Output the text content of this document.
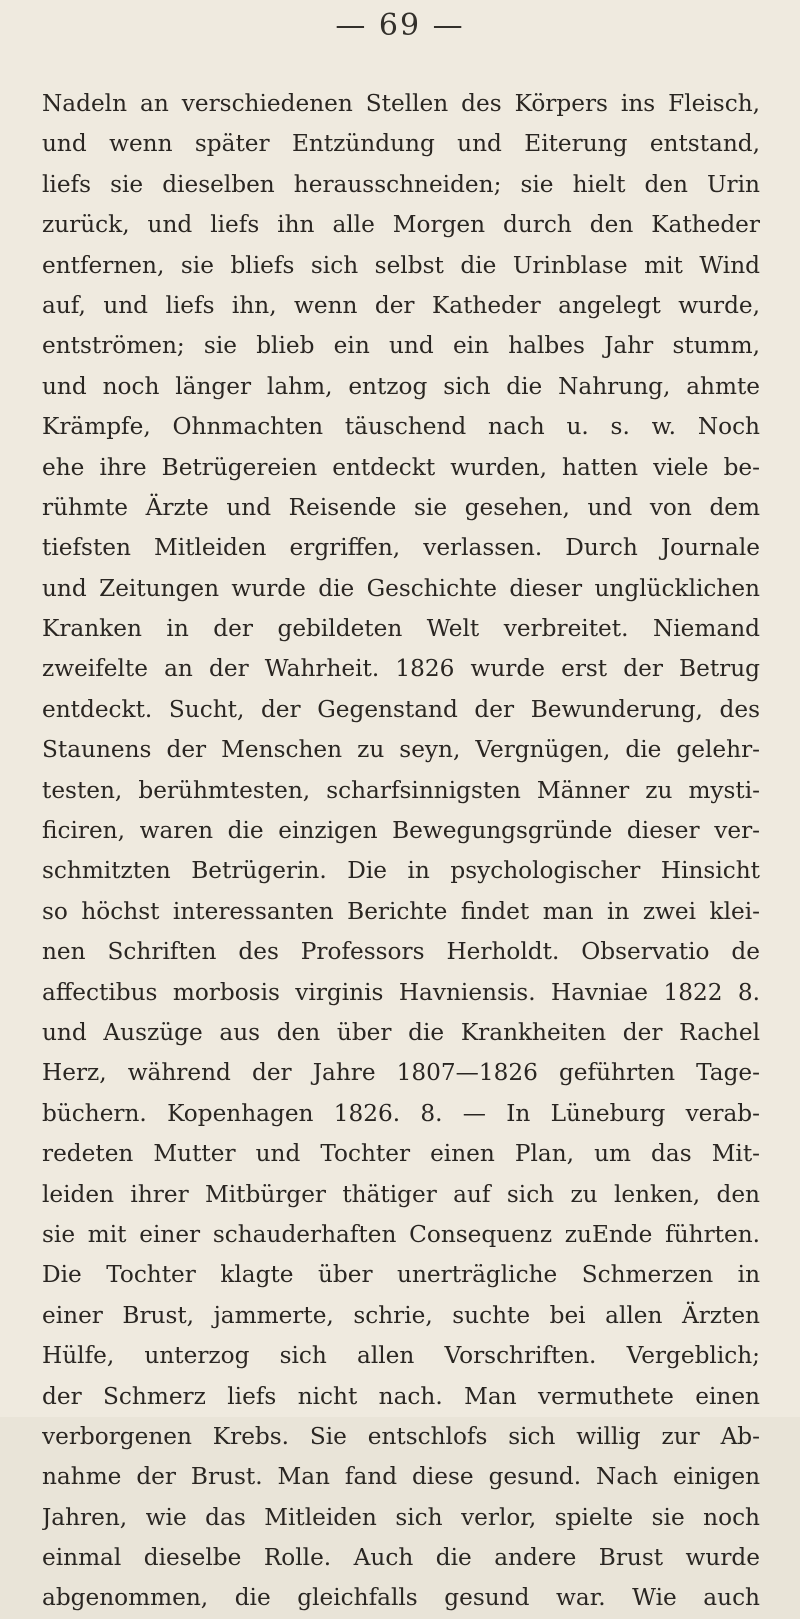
— 69 —
Nadeln an verschiedenen Stellen des Körpers ins Fleisch,
und wenn später Entzündung und Eiterung entstand,
liefs sie dieselben herausschneiden; sie hielt den Urin
zurück, und liefs ihn alle Morgen durch den Katheder
entfernen, sie bliefs sich selbst die Urinblase mit Wind
auf, und liefs ihn, wenn der Katheder angelegt wurde,
entströmen; sie blieb ein und ein halbes Jahr stumm,
und noch länger lahm, entzog sich die Nahrung, ahmte
Krämpfe, Ohnmachten täuschend nach u. s. w. Noch
ehe ihre Betrügereien entdeckt wurden, hatten viele be-
rühmte Ärzte und Reisende sie gesehen, und von dem
tiefsten Mitleiden ergriffen, verlassen. Durch Journale
und Zeitungen wurde die Geschichte dieser unglücklichen
Kranken in der gebildeten Welt verbreitet. Niemand
zweifelte an der Wahrheit. 1826 wurde erst der Betrug
entdeckt. Sucht, der Gegenstand der Bewunderung, des
Staunens der Menschen zu seyn, Vergnügen, die gelehr-
testen, berühmtesten, scharfsinnigsten Männer zu mysti-
ficiren, waren die einzigen Bewegungsgründe dieser ver-
schmitzten Betrügerin. Die in psychologischer Hinsicht
so höchst interessanten Berichte findet man in zwei klei-
nen Schriften des Professors Herholdt. Observatio de
affectibus morbosis virginis Havniensis. Havniae 1822 8.
und Auszüge aus den über die Krankheiten der Rachel
Herz, während der Jahre 1807—1826 geführten Tage-
büchern. Kopenhagen 1826. 8. — In Lüneburg verab-
redeten Mutter und Tochter einen Plan, um das Mit-
leiden ihrer Mitbürger thätiger auf sich zu lenken, den
sie mit einer schauderhaften Consequenz zuEnde führten.
Die Tochter klagte über unerträgliche Schmerzen in
einer Brust, jammerte, schrie, suchte bei allen Ärzten
Hülfe, unterzog sich allen Vorschriften. Vergeblich;
der Schmerz liefs nicht nach. Man vermuthete einen
verborgenen Krebs. Sie entschlofs sich willig zur Ab-
nahme der Brust. Man fand diese gesund. Nach einigen
Jahren, wie das Mitleiden sich verlor, spielte sie noch
einmal dieselbe Rolle. Auch die andere Brust wurde
abgenommen, die gleichfalls gesund war. Wie auch
